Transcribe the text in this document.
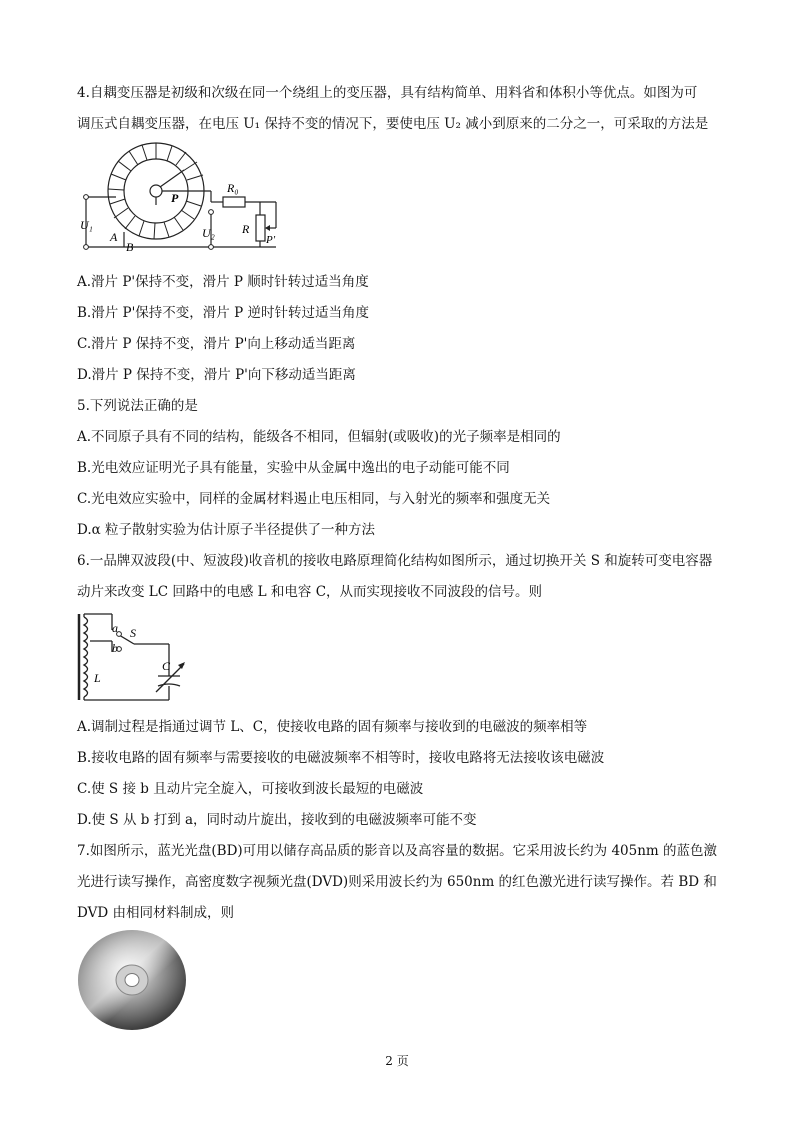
4.自耦变压器是初级和次级在同一个绕组上的变压器，具有结构简单、用料省和体积小等优点。如图为可
调压式自耦变压器，在电压 U₁ 保持不变的情况下，要使电压 U₂ 减小到原来的二分之一，可采取的方法是
U₁
U₂
A
B
P
R₀
R
P'
A.滑片 P'保持不变，滑片 P 顺时针转过适当角度
B.滑片 P'保持不变，滑片 P 逆时针转过适当角度
C.滑片 P 保持不变，滑片 P'向上移动适当距离
D.滑片 P 保持不变，滑片 P'向下移动适当距离
5.下列说法正确的是
A.不同原子具有不同的结构，能级各不相同，但辐射(或吸收)的光子频率是相同的
B.光电效应证明光子具有能量，实验中从金属中逸出的电子动能可能不同
C.光电效应实验中，同样的金属材料遏止电压相同，与入射光的频率和强度无关
D.α 粒子散射实验为估计原子半径提供了一种方法
6.一品牌双波段(中、短波段)收音机的接收电路原理简化结构如图所示，通过切换开关 S 和旋转可变电容器
动片来改变 LC 回路中的电感 L 和电容 C，从而实现接收不同波段的信号。则
a S
b
C
L
A.调制过程是指通过调节 L、C，使接收电路的固有频率与接收到的电磁波的频率相等
B.接收电路的固有频率与需要接收的电磁波频率不相等时，接收电路将无法接收该电磁波
C.使 S 接 b 且动片完全旋入，可接收到波长最短的电磁波
D.使 S 从 b 打到 a，同时动片旋出，接收到的电磁波频率可能不变
7.如图所示，蓝光光盘(BD)可用以储存高品质的影音以及高容量的数据。它采用波长约为 405nm 的蓝色激
光进行读写操作，高密度数字视频光盘(DVD)则采用波长约为 650nm 的红色激光进行读写操作。若 BD 和
DVD 由相同材料制成，则
2 页
